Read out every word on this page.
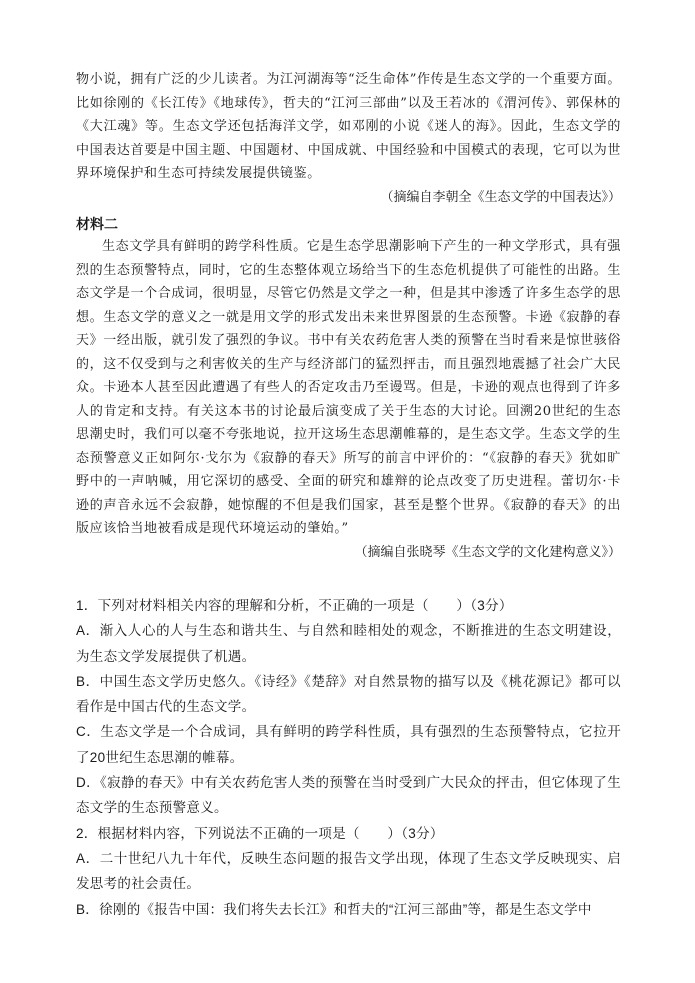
物小说，拥有广泛的少儿读者。为江河湖海等“泛生命体”作传是生态文学的一个重要方面。比如徐刚的《长江传》《地球传》，哲夫的“江河三部曲”以及王若冰的《渭河传》、郭保林的《大江魂》等。生态文学还包括海洋文学，如邓刚的小说《迷人的海》。因此，生态文学的中国表达首要是中国主题、中国题材、中国成就、中国经验和中国模式的表现，它可以为世界环境保护和生态可持续发展提供镜鉴。

（摘编自李朝全《生态文学的中国表达》）

材料二

生态文学具有鲜明的跨学科性质。它是生态学思潮影响下产生的一种文学形式，具有强烈的生态预警特点，同时，它的生态整体观立场给当下的生态危机提供了可能性的出路。生态文学是一个合成词，很明显，尽管它仍然是文学之一种，但是其中渗透了许多生态学的思想。生态文学的意义之一就是用文学的形式发出未来世界图景的生态预警。卡逊《寂静的春天》一经出版，就引发了强烈的争议。书中有关农药危害人类的预警在当时看来是惊世骇俗的，这不仅受到与之利害攸关的生产与经济部门的猛烈抨击，而且强烈地震撼了社会广大民众。卡逊本人甚至因此遭遇了有些人的否定攻击乃至谩骂。但是，卡逊的观点也得到了许多人的肯定和支持。有关这本书的讨论最后演变成了关于生态的大讨论。回溯20世纪的生态思潮史时，我们可以毫不夸张地说，拉开这场生态思潮帷幕的，是生态文学。生态文学的生态预警意义正如阿尔·戈尔为《寂静的春天》所写的前言中评价的：“《寂静的春天》犹如旷野中的一声呐喊，用它深切的感受、全面的研究和雄辩的论点改变了历史进程。蕾切尔·卡逊的声音永远不会寂静，她惊醒的不但是我们国家，甚至是整个世界。《寂静的春天》的出版应该恰当地被看成是现代环境运动的肇始。”

（摘编自张晓琴《生态文学的文化建构意义》）

1．下列对材料相关内容的理解和分析，不正确的一项是（　　）（3分）

A．渐入人心的人与生态和谐共生、与自然和睦相处的观念，不断推进的生态文明建设，为生态文学发展提供了机遇。

B．中国生态文学历史悠久。《诗经》《楚辞》对自然景物的描写以及《桃花源记》都可以看作是中国古代的生态文学。

C．生态文学是一个合成词，具有鲜明的跨学科性质，具有强烈的生态预警特点，它拉开了20世纪生态思潮的帷幕。

D．《寂静的春天》中有关农药危害人类的预警在当时受到广大民众的抨击，但它体现了生态文学的生态预警意义。

2．根据材料内容，下列说法不正确的一项是（　　）（3分）

A．二十世纪八九十年代，反映生态问题的报告文学出现，体现了生态文学反映现实、启发思考的社会责任。

B．徐刚的《报告中国：我们将失去长江》和哲夫的“江河三部曲”等，都是生态文学中
